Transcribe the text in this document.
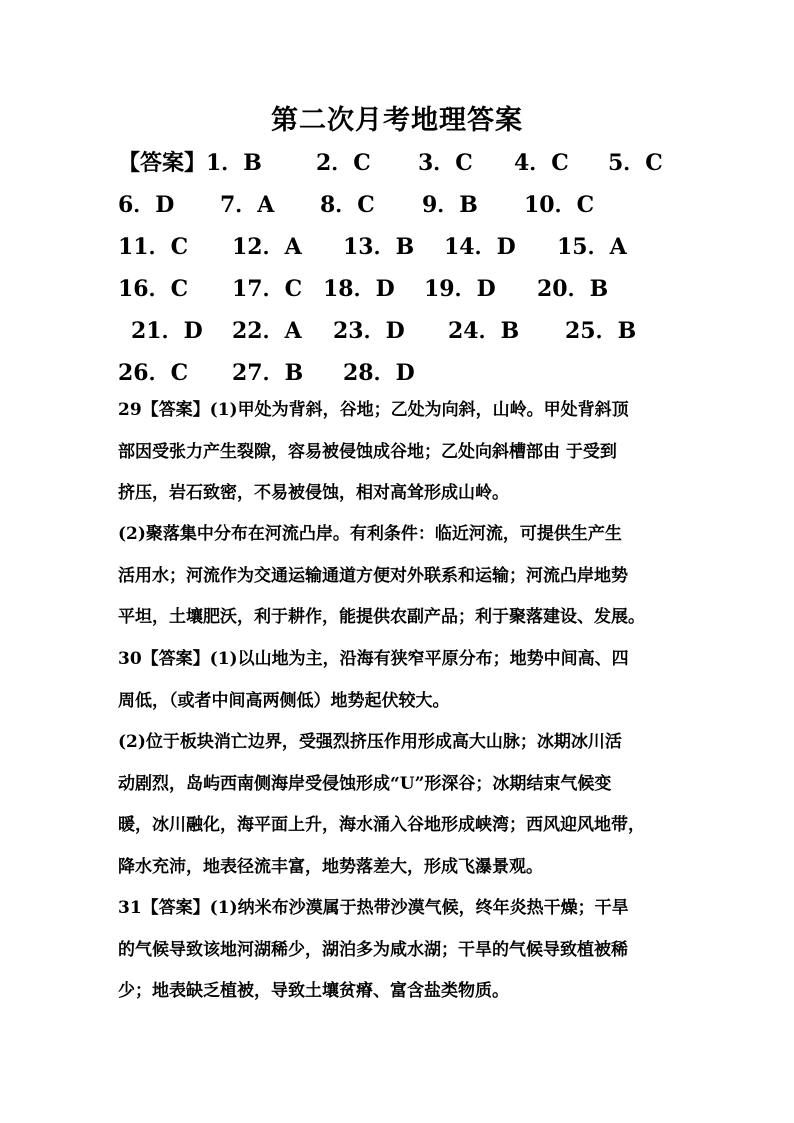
第二次月考地理答案
【答案】1．B 2．C 3．C 4．C 5．C
6．D 7．A 8．C 9．B 10．C
11．C 12．A 13．B 14．D 15．A
16．C 17．C 18．D 19．D 20．B
21．D 22．A 23．D 24．B 25．B
26．C 27．B 28．D
29【答案】(1)甲处为背斜，谷地；乙处为向斜，山岭。甲处背斜顶
部因受张力产生裂隙，容易被侵蚀成谷地；乙处向斜槽部由 于受到
挤压，岩石致密，不易被侵蚀，相对高耸形成山岭。
(2)聚落集中分布在河流凸岸。有利条件：临近河流，可提供生产生
活用水；河流作为交通运输通道方便对外联系和运输；河流凸岸地势
平坦，土壤肥沃，利于耕作，能提供农副产品；利于聚落建设、发展。
30【答案】(1)以山地为主，沿海有狭窄平原分布；地势中间高、四
周低，（或者中间高两侧低）地势起伏较大。
(2)位于板块消亡边界，受强烈挤压作用形成高大山脉；冰期冰川活
动剧烈，岛屿西南侧海岸受侵蚀形成“U”形深谷；冰期结束气候变
暖，冰川融化，海平面上升，海水涌入谷地形成峡湾；西风迎风地带，
降水充沛，地表径流丰富，地势落差大，形成飞瀑景观。
31【答案】(1)纳米布沙漠属于热带沙漠气候，终年炎热干燥；干旱
的气候导致该地河湖稀少，湖泊多为咸水湖；干旱的气候导致植被稀
少；地表缺乏植被，导致土壤贫瘠、富含盐类物质。
